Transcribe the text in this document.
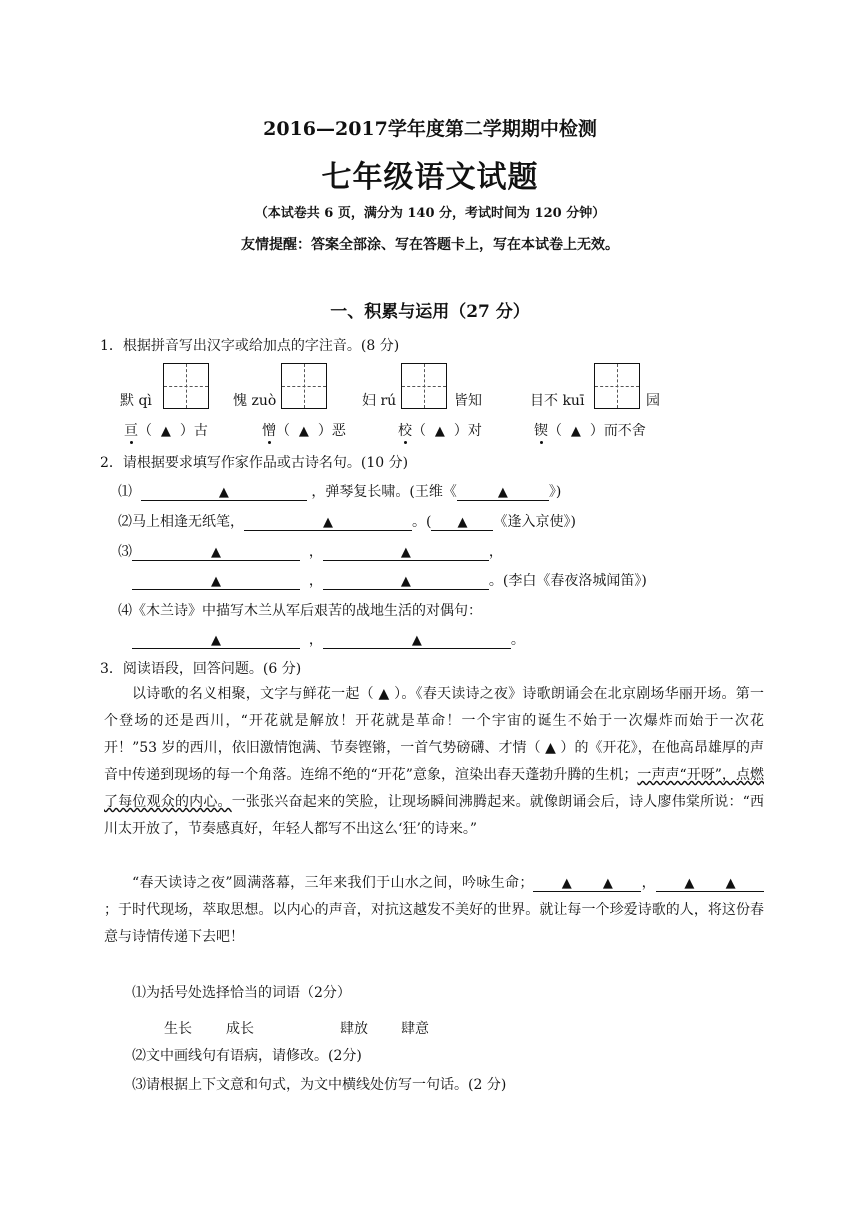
2016—2017学年度第二学期期中检测
七年级语文试题
（本试卷共 6 页，满分为 140 分，考试时间为 120 分钟）
友情提醒：答案全部涂、写在答题卡上，写在本试卷上无效。
一、积累与运用（27 分）
1．根据拼音写出汉字或给加点的字注音。(8 分)
默 qì	愧 zuò	妇 rú	皆知	目不 kuī	园
亘（ ▲ ）古	憎（ ▲ ）恶	校（ ▲ ）对	锲（ ▲ ）而不舍
2．请根据要求填写作家作品或古诗名句。(10 分)
⑴	▲	，弹琴复长啸。(王维《	▲	》)
⑵马上相逢无纸笔，	▲	。( ▲ 《逢入京使》)
⑶	▲	，	▲	，
▲	，	▲	。(李白《春夜洛城闻笛》)
⑷《木兰诗》中描写木兰从军后艰苦的战地生活的对偶句：
▲	，	▲	。
3．阅读语段，回答问题。(6 分)
以诗歌的名义相聚，文字与鲜花一起（ ▲ ）。《春天读诗之夜》诗歌朗诵会在北京剧场华丽开场。第一个登场的还是西川，“开花就是解放！开花就是革命！一个宇宙的诞生不始于一次爆炸而始于一次花开！”53 岁的西川，依旧激情饱满、节奏铿锵，一首气势磅礴、才情（ ▲ ）的《开花》，在他高昂雄厚的声音中传递到现场的每一个角落。连绵不绝的“开花”意象，渲染出春天蓬勃升腾的生机；一声声“开呀”，点燃了每位观众的内心。一张张兴奋起来的笑脸，让现场瞬间沸腾起来。就像朗诵会后，诗人廖伟棠所说：“西川太开放了，节奏感真好，年轻人都写不出这么‘狂’的诗来。”
“春天读诗之夜”圆满落幕，三年来我们于山水之间，吟咏生命； ▲ ▲ ， ▲ ▲；于时代现场，萃取思想。以内心的声音，对抗这越发不美好的世界。就让每一个珍爱诗歌的人，将这份春意与诗情传递下去吧！
⑴为括号处选择恰当的词语（2分）
生长 成长	肆放 肆意
⑵文中画线句有语病，请修改。(2分)
⑶请根据上下文意和句式，为文中横线处仿写一句话。(2 分)
